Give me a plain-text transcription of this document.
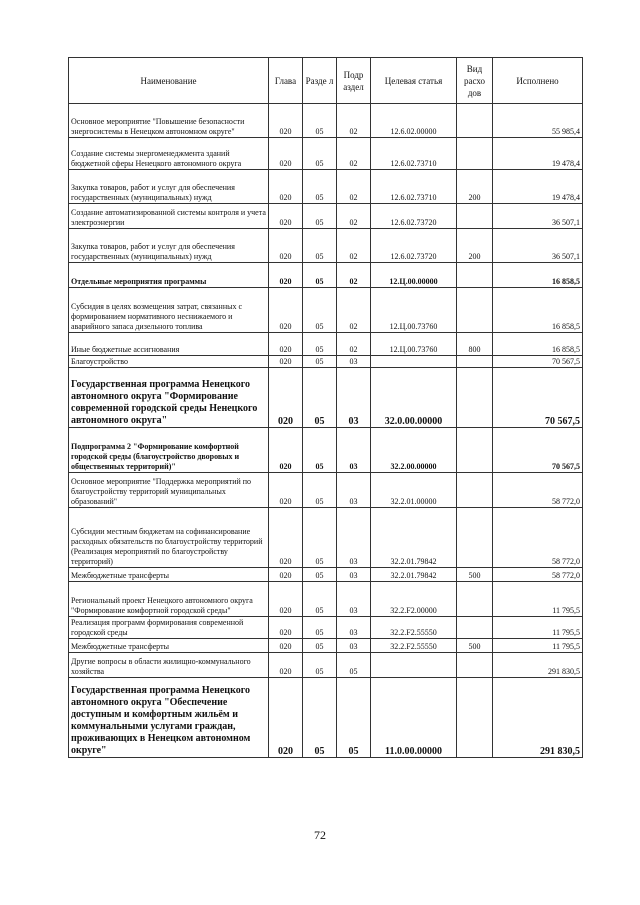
Наименование	Глава	Разде л	Подр аздел	Целевая статья	Вид расхо дов	Исполнено
Основное мероприятие "Повышение безопасности энергосистемы в Ненецком автономном округе"	020	05	02	12.6.02.00000		55 985,4
Создание системы энергоменеджмента зданий бюджетной сферы Ненецкого автономного округа	020	05	02	12.6.02.73710		19 478,4
Закупка товаров, работ и услуг для обеспечения государственных (муниципальных) нужд	020	05	02	12.6.02.73710	200	19 478,4
Создание автоматизированной системы контроля и учета электроэнергии	020	05	02	12.6.02.73720		36 507,1
Закупка товаров, работ и услуг для обеспечения государственных (муниципальных) нужд	020	05	02	12.6.02.73720	200	36 507,1
Отдельные мероприятия программы	020	05	02	12.Ц.00.00000		16 858,5
Субсидия в целях возмещения затрат, связанных с формированием нормативного неснижаемого и аварийного запаса дизельного топлива	020	05	02	12.Ц.00.73760		16 858,5
Иные бюджетные ассигнования	020	05	02	12.Ц.00.73760	800	16 858,5
Благоустройство	020	05	03			70 567,5
Государственная программа Ненецкого автономного округа "Формирование современной городской среды Ненецкого автономного округа"	020	05	03	32.0.00.00000		70 567,5
Подпрограмма 2 "Формирование комфортной городской среды (благоустройство дворовых и общественных территорий)"	020	05	03	32.2.00.00000		70 567,5
Основное мероприятие "Поддержка мероприятий по благоустройству территорий муниципальных образований"	020	05	03	32.2.01.00000		58 772,0
Субсидии местным бюджетам на софинансирование расходных обязательств по благоустройству территорий (Реализация мероприятий по благоустройству территорий)	020	05	03	32.2.01.79842		58 772,0
Межбюджетные трансферты	020	05	03	32.2.01.79842	500	58 772,0
Региональный проект Ненецкого автономного округа "Формирование комфортной городской среды"	020	05	03	32.2.F2.00000		11 795,5
Реализация программ формирования современной городской среды	020	05	03	32.2.F2.55550		11 795,5
Межбюджетные трансферты	020	05	03	32.2.F2.55550	500	11 795,5
Другие вопросы в области жилищно-коммунального хозяйства	020	05	05			291 830,5
Государственная программа Ненецкого автономного округа "Обеспечение доступным и комфортным жильём и коммунальными услугами граждан, проживающих в Ненецком автономном округе"	020	05	05	11.0.00.00000		291 830,5
72
